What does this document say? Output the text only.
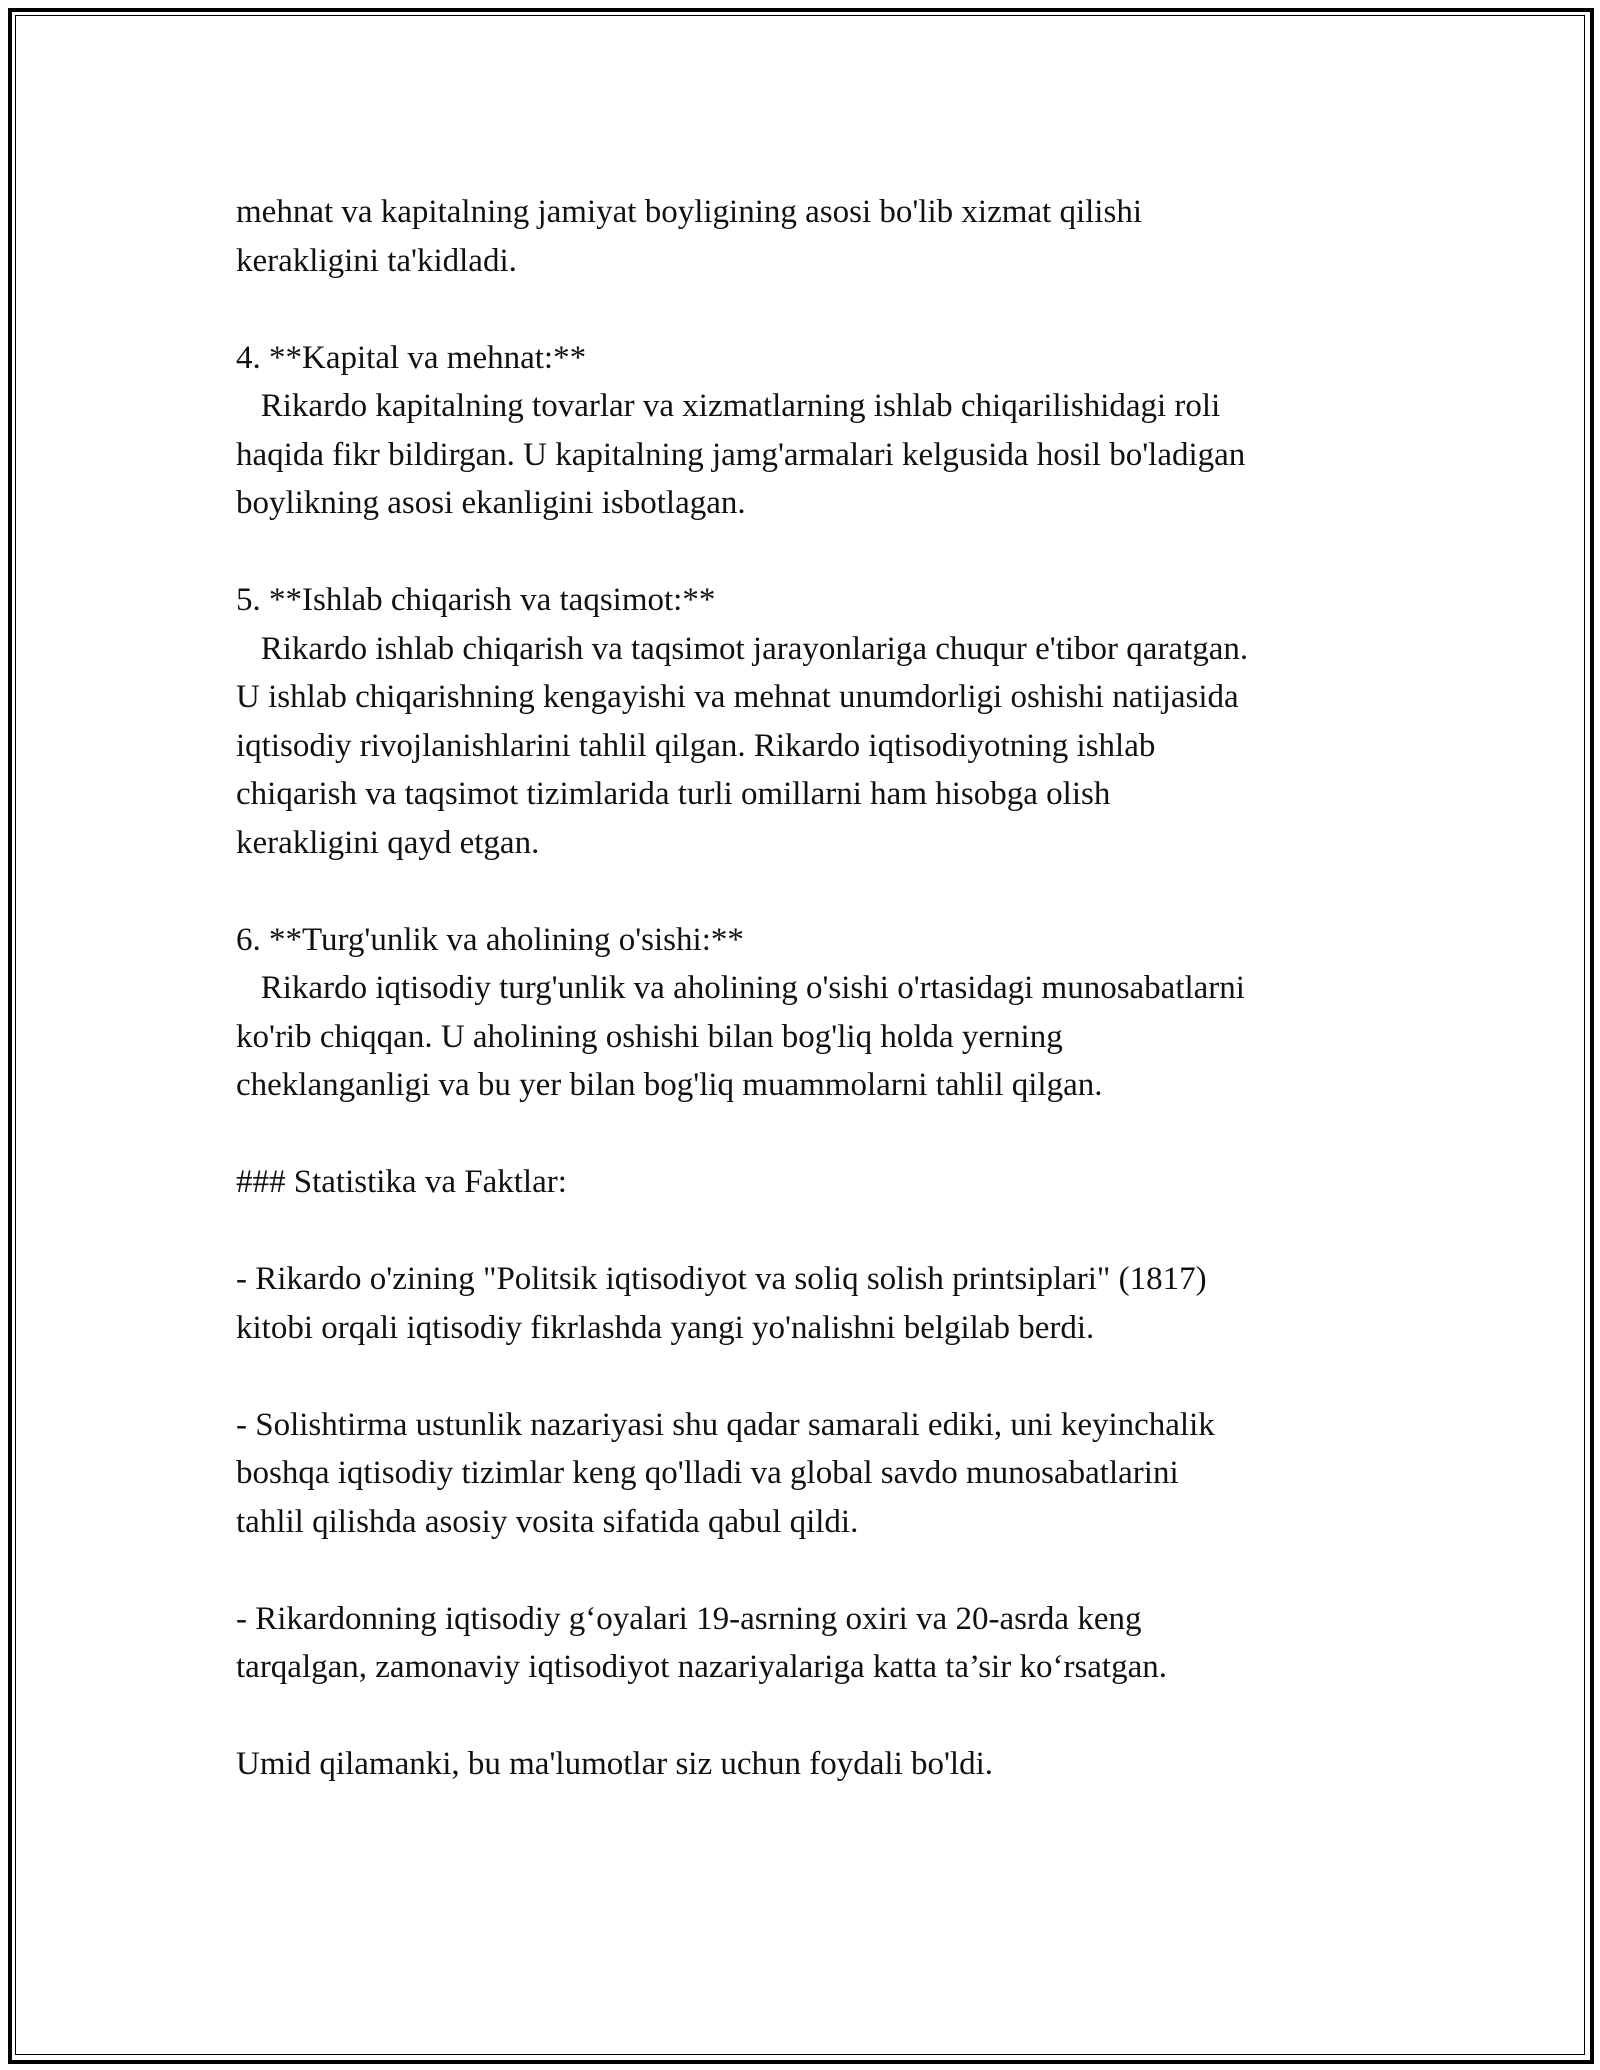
mehnat va kapitalning jamiyat boyligining asosi bo'lib xizmat qilishi
kerakligini ta'kidladi.
4. **Kapital va mehnat:**
Rikardo kapitalning tovarlar va xizmatlarning ishlab chiqarilishidagi roli
haqida fikr bildirgan. U kapitalning jamg'armalari kelgusida hosil bo'ladigan
boylikning asosi ekanligini isbotlagan.
5. **Ishlab chiqarish va taqsimot:**
Rikardo ishlab chiqarish va taqsimot jarayonlariga chuqur e'tibor qaratgan.
U ishlab chiqarishning kengayishi va mehnat unumdorligi oshishi natijasida
iqtisodiy rivojlanishlarini tahlil qilgan. Rikardo iqtisodiyotning ishlab
chiqarish va taqsimot tizimlarida turli omillarni ham hisobga olish
kerakligini qayd etgan.
6. **Turg'unlik va aholining o'sishi:**
Rikardo iqtisodiy turg'unlik va aholining o'sishi o'rtasidagi munosabatlarni
ko'rib chiqqan. U aholining oshishi bilan bog'liq holda yerning
cheklanganligi va bu yer bilan bog'liq muammolarni tahlil qilgan.
### Statistika va Faktlar:
- Rikardo o'zining "Politsik iqtisodiyot va soliq solish printsiplari" (1817)
kitobi orqali iqtisodiy fikrlashda yangi yo'nalishni belgilab berdi.
- Solishtirma ustunlik nazariyasi shu qadar samarali ediki, uni keyinchalik
boshqa iqtisodiy tizimlar keng qo'lladi va global savdo munosabatlarini
tahlil qilishda asosiy vosita sifatida qabul qildi.
- Rikardonning iqtisodiy g‘oyalari 19-asrning oxiri va 20-asrda keng
tarqalgan, zamonaviy iqtisodiyot nazariyalariga katta ta’sir ko‘rsatgan.
Umid qilamanki, bu ma'lumotlar siz uchun foydali bo'ldi.
